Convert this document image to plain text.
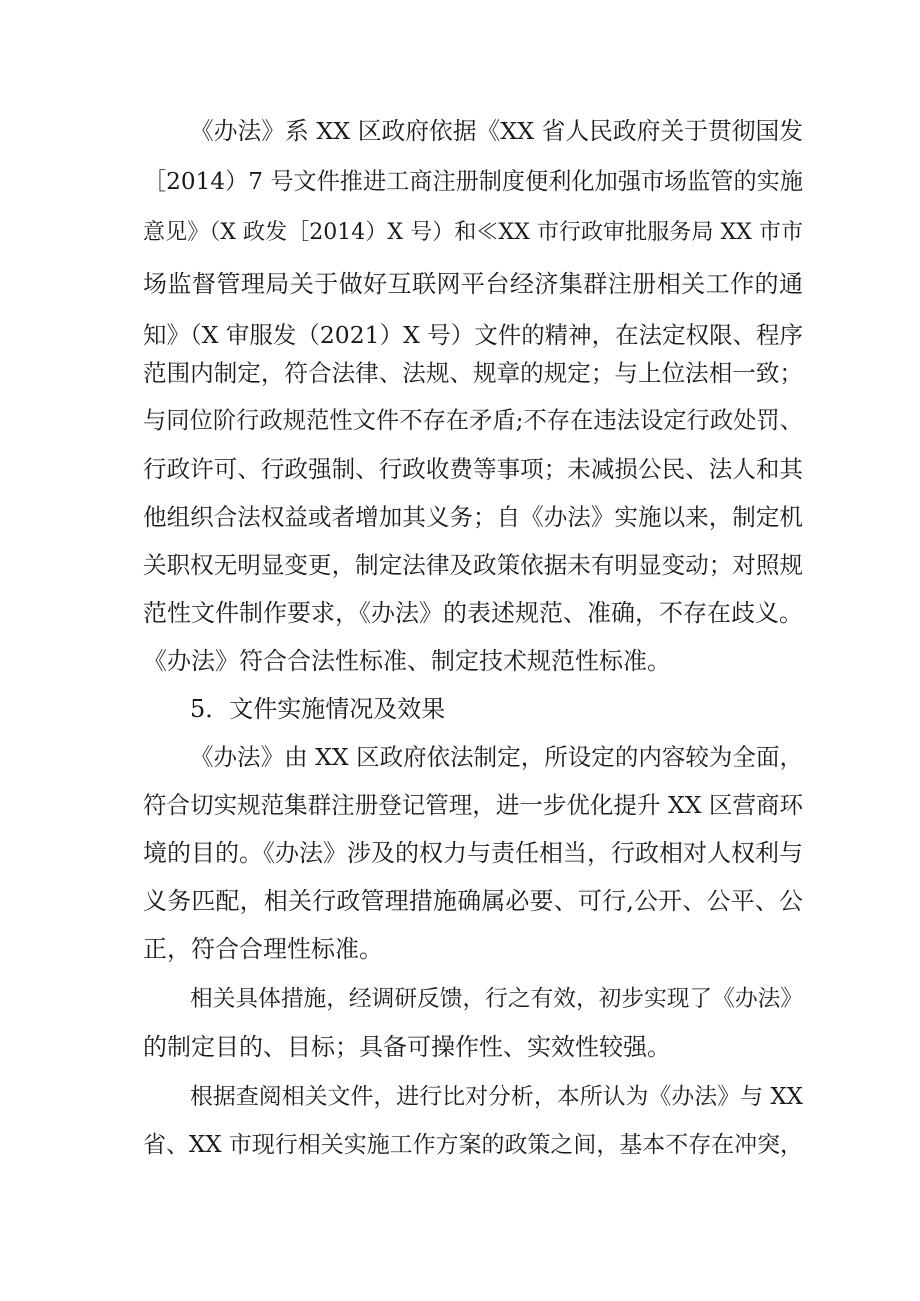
《办法》系 XX 区政府依据《XX 省人民政府关于贯彻国发
［2014）7 号文件推进工商注册制度便利化加强市场监管的实施
意见》（X 政发［2014）X 号）和≪XX 市行政审批服务局 XX 市市
场监督管理局关于做好互联网平台经济集群注册相关工作的通
知》（X 审服发（2021）X 号）文件的精神，在法定权限、程序
范围内制定，符合法律、法规、规章的规定；与上位法相一致；
与同位阶行政规范性文件不存在矛盾;不存在违法设定行政处罚、
行政许可、行政强制、行政收费等事项；未减损公民、法人和其
他组织合法权益或者增加其义务；自《办法》实施以来，制定机
关职权无明显变更，制定法律及政策依据未有明显变动；对照规
范性文件制作要求，《办法》的表述规范、准确，不存在歧义。
《办法》符合合法性标准、制定技术规范性标准。
5．文件实施情况及效果
《办法》由 XX 区政府依法制定，所设定的内容较为全面，
符合切实规范集群注册登记管理，进一步优化提升 XX 区营商环
境的目的。《办法》涉及的权力与责任相当，行政相对人权利与
义务匹配，相关行政管理措施确属必要、可行,公开、公平、公
正，符合合理性标准。
相关具体措施，经调研反馈，行之有效，初步实现了《办法》
的制定目的、目标；具备可操作性、实效性较强。
根据查阅相关文件，进行比对分析，本所认为《办法》与 XX
省、XX 市现行相关实施工作方案的政策之间，基本不存在冲突，
